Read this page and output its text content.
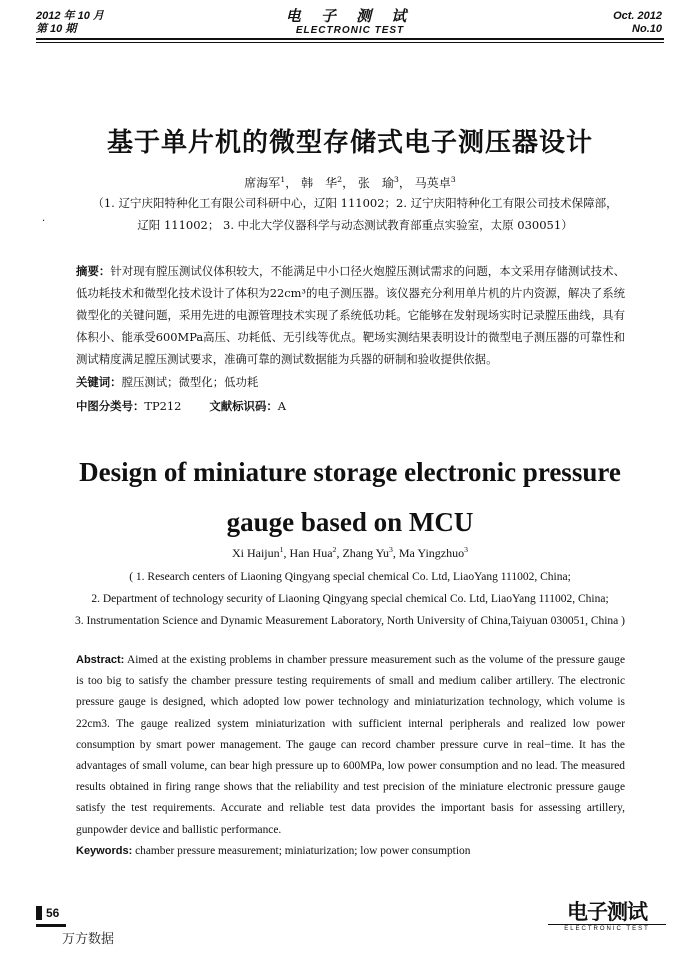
2012 年 10 月
第 10 期
电 子 测 试
ELECTRONIC TEST
Oct. 2012
No.10
基于单片机的微型存储式电子测压器设计
席海军$^1$， 韩　华$^2$， 张　瑜$^3$， 马英卓$^3$
·
（1. 辽宁庆阳特种化工有限公司科研中心，辽阳 111002；2. 辽宁庆阳特种化工有限公司技术保障部，
辽阳 111002； 3. 中北大学仪器科学与动态测试教育部重点实验室，太原 030051）
摘要：针对现有膛压测试仪体积较大，不能满足中小口径火炮膛压测试需求的问题，本文采用存储测试技术、低功耗技术和微型化技术设计了体积为22cm³的电子测压器。该仪器充分利用单片机的片内资源，解决了系统微型化的关键问题，采用先进的电源管理技术实现了系统低功耗。它能够在发射现场实时记录膛压曲线，具有体积小、能承受600MPa高压、功耗低、无引线等优点。靶场实测结果表明设计的微型电子测压器的可靠性和测试精度满足膛压测试要求，准确可靠的测试数据能为兵器的研制和验收提供依据。
关键词：膛压测试；微型化；低功耗
中图分类号：TP212 文献标识码：A
Design of miniature storage electronic pressure
gauge based on MCU
Xi Haijun$^1$, Han Hua$^2$, Zhang Yu$^3$, Ma Yingzhuo$^3$
( 1. Research centers of Liaoning Qingyang special chemical Co. Ltd, LiaoYang 111002, China;
2. Department of technology security of Liaoning Qingyang special chemical Co. Ltd, LiaoYang 111002, China;
3. Instrumentation Science and Dynamic Measurement Laboratory, North University of China,Taiyuan 030051, China )
Abstract: Aimed at the existing problems in chamber pressure measurement such as the volume of the pressure gauge is too big to satisfy the chamber pressure testing requirements of small and medium caliber artillery. The electronic pressure gauge is designed, which adopted low power technology and miniaturization technology, which volume is 22cm3. The gauge realized system miniaturization with sufficient internal peripherals and realized low power consumption by smart power management. The gauge can record chamber pressure curve in real−time. It has the advantages of small volume, can bear high pressure up to 600MPa, low power consumption and no lead. The measured results obtained in firing range shows that the reliability and test precision of the miniature electronic pressure gauge satisfy the test requirements. Accurate and reliable test data provides the important basis for assessing artillery, gunpowder device and ballistic performance.
Keywords: chamber pressure measurement; miniaturization; low power consumption
56
万方数据
电子测试
ELECTRONIC TEST
